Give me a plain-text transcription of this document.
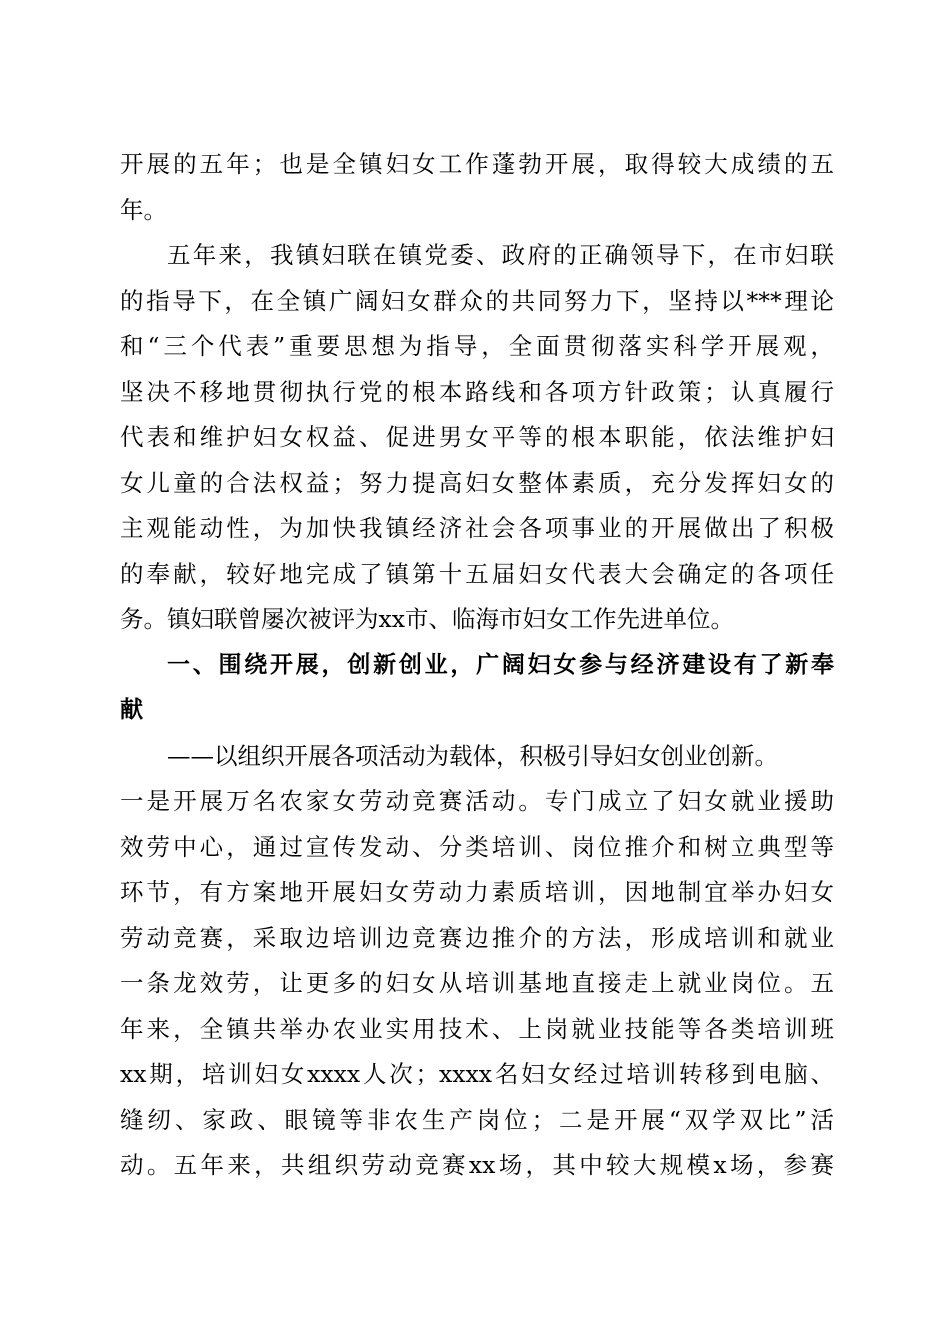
开展的五年；也是全镇妇女工作蓬勃开展，取得较大成绩的五
年。
五年来，我镇妇联在镇党委、政府的正确领导下，在市妇联
的指导下，在全镇广阔妇女群众的共同努力下，坚持以***理论
和“三个代表”重要思想为指导，全面贯彻落实科学开展观，
坚决不移地贯彻执行党的根本路线和各项方针政策；认真履行
代表和维护妇女权益、促进男女平等的根本职能，依法维护妇
女儿童的合法权益；努力提高妇女整体素质，充分发挥妇女的
主观能动性，为加快我镇经济社会各项事业的开展做出了积极
的奉献，较好地完成了镇第十五届妇女代表大会确定的各项任
务。镇妇联曾屡次被评为xx市、临海市妇女工作先进单位。
一、围绕开展，创新创业，广阔妇女参与经济建设有了新奉
献
——以组织开展各项活动为载体，积极引导妇女创业创新。
一是开展万名农家女劳动竞赛活动。专门成立了妇女就业援助
效劳中心，通过宣传发动、分类培训、岗位推介和树立典型等
环节，有方案地开展妇女劳动力素质培训，因地制宜举办妇女
劳动竞赛，采取边培训边竞赛边推介的方法，形成培训和就业
一条龙效劳，让更多的妇女从培训基地直接走上就业岗位。五
年来，全镇共举办农业实用技术、上岗就业技能等各类培训班
xx期，培训妇女xxxx人次；xxxx名妇女经过培训转移到电脑、
缝纫、家政、眼镜等非农生产岗位；二是开展“双学双比”活
动。五年来，共组织劳动竞赛xx场，其中较大规模x场，参赛
